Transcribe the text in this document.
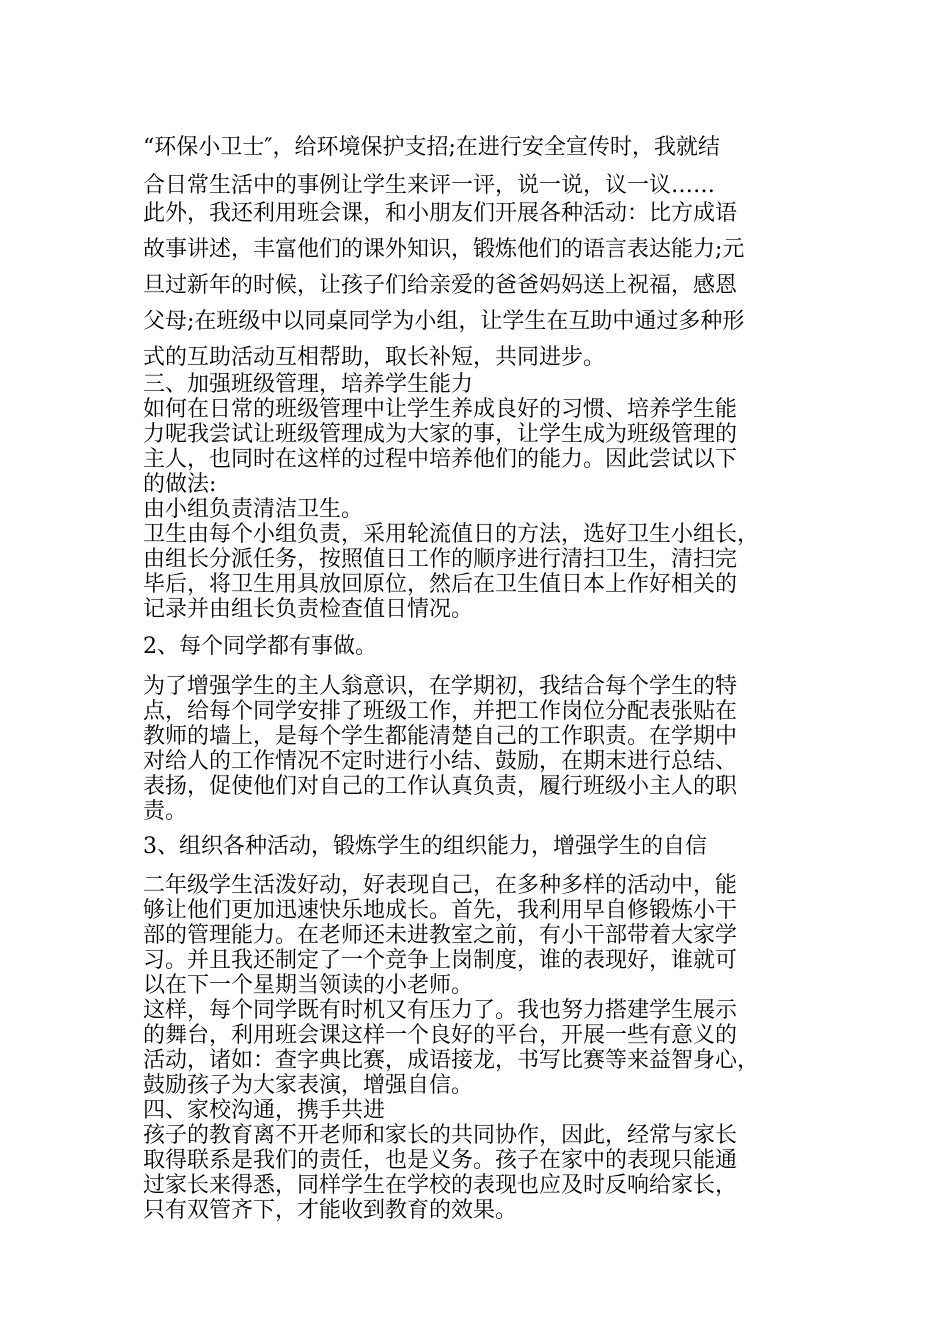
“环保小卫士″，给环境保护支招;在进行安全宣传时，我就结
合日常生活中的事例让学生来评一评，说一说，议一议……
此外，我还利用班会课，和小朋友们开展各种活动：比方成语
故事讲述，丰富他们的课外知识，锻炼他们的语言表达能力;元
旦过新年的时候，让孩子们给亲爱的爸爸妈妈送上祝福，感恩
父母;在班级中以同桌同学为小组，让学生在互助中通过多种形
式的互助活动互相帮助，取长补短，共同进步。
三、加强班级管理，培养学生能力
如何在日常的班级管理中让学生养成良好的习惯、培养学生能
力呢我尝试让班级管理成为大家的事，让学生成为班级管理的
主人，也同时在这样的过程中培养他们的能力。因此尝试以下
的做法:
由小组负责清洁卫生。
卫生由每个小组负责，采用轮流值日的方法，选好卫生小组长，
由组长分派任务，按照值日工作的顺序进行清扫卫生，清扫完
毕后，将卫生用具放回原位，然后在卫生值日本上作好相关的
记录并由组长负责检查值日情况。
2、每个同学都有事做。
为了增强学生的主人翁意识，在学期初，我结合每个学生的特
点，给每个同学安排了班级工作，并把工作岗位分配表张贴在
教师的墙上，是每个学生都能清楚自己的工作职责。在学期中
对给人的工作情况不定时进行小结、鼓励，在期末进行总结、
表扬，促使他们对自己的工作认真负责，履行班级小主人的职
责。
3、组织各种活动，锻炼学生的组织能力，增强学生的自信
二年级学生活泼好动，好表现自己，在多种多样的活动中，能
够让他们更加迅速快乐地成长。首先，我利用早自修锻炼小干
部的管理能力。在老师还未进教室之前，有小干部带着大家学
习。并且我还制定了一个竞争上岗制度，谁的表现好，谁就可
以在下一个星期当领读的小老师。
这样，每个同学既有时机又有压力了。我也努力搭建学生展示
的舞台，利用班会课这样一个良好的平台，开展一些有意义的
活动，诸如：查字典比赛，成语接龙，书写比赛等来益智身心，
鼓励孩子为大家表演，增强自信。
四、家校沟通，携手共进
孩子的教育离不开老师和家长的共同协作，因此，经常与家长
取得联系是我们的责任，也是义务。孩子在家中的表现只能通
过家长来得悉，同样学生在学校的表现也应及时反响给家长，
只有双管齐下，才能收到教育的效果。
